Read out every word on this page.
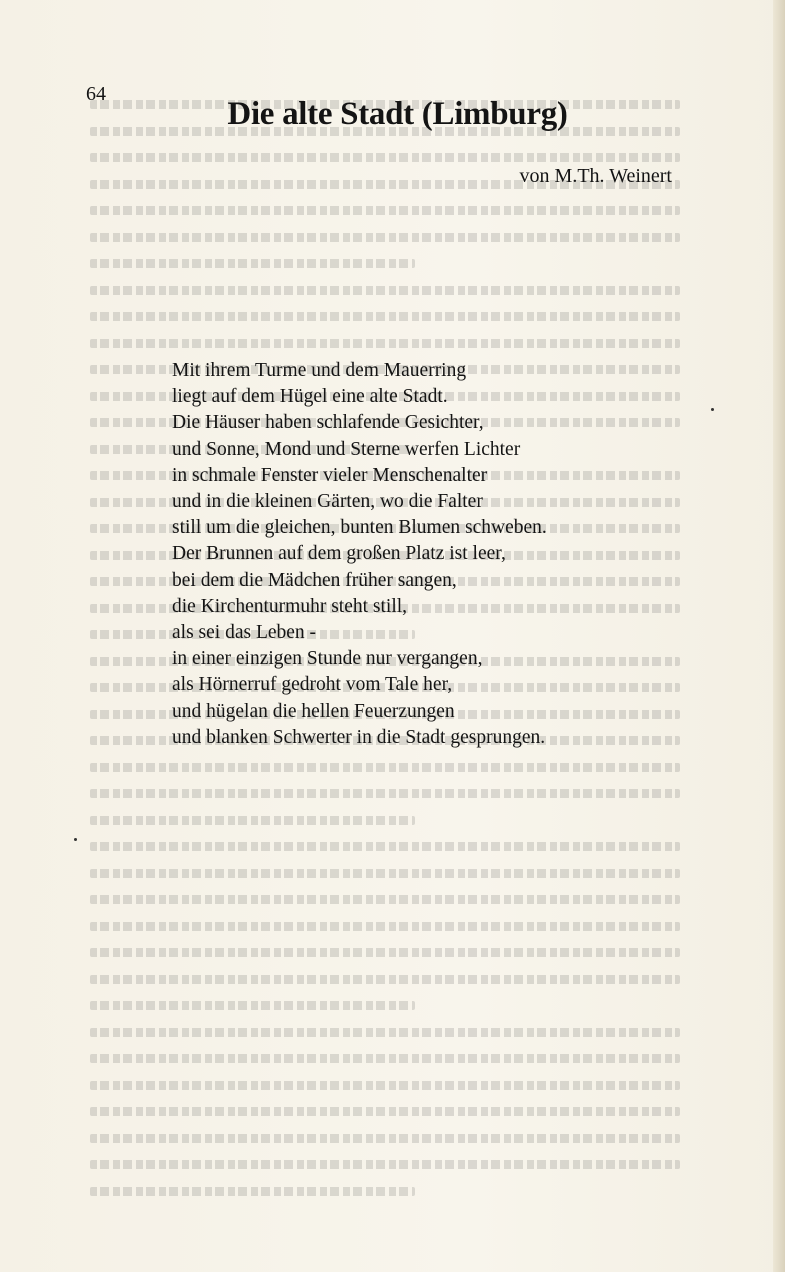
64
Die alte Stadt (Limburg)
von M.Th. Weinert
Mit ihrem Turme und dem Mauerring
liegt auf dem Hügel eine alte Stadt.
Die Häuser haben schlafende Gesichter,
und Sonne, Mond und Sterne werfen Lichter
in schmale Fenster vieler Menschenalter
und in die kleinen Gärten, wo die Falter
still um die gleichen, bunten Blumen schweben.
Der Brunnen auf dem großen Platz ist leer,
bei dem die Mädchen früher sangen,
die Kirchenturmuhr steht still,
als sei das Leben -
in einer einzigen Stunde nur vergangen,
als Hörnerruf gedroht vom Tale her,
und hügelan die hellen Feuerzungen
und blanken Schwerter in die Stadt gesprungen.
